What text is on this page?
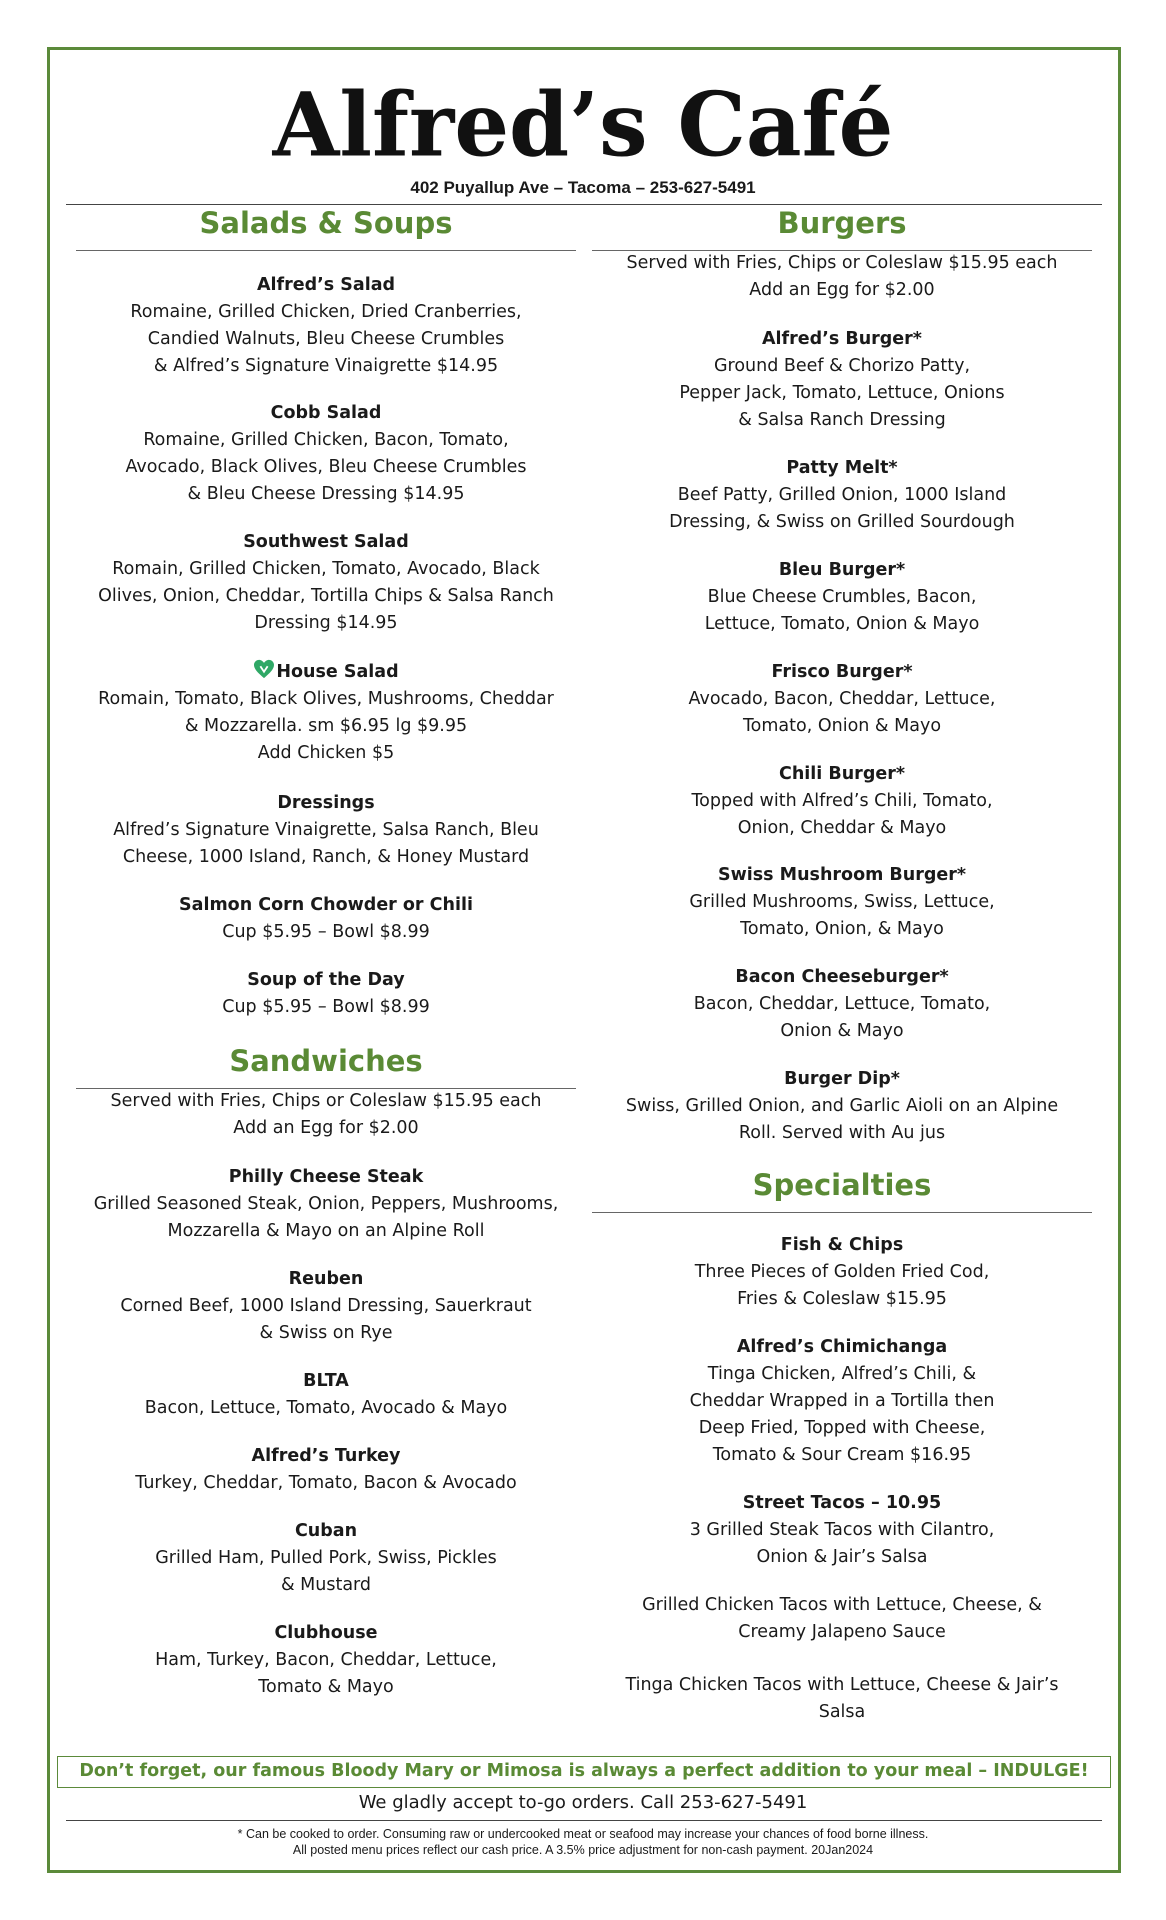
Alfred’s Café
402 Puyallup Ave – Tacoma – 253-627-5491
Salads & Soups
Alfred’s Salad
Romaine, Grilled Chicken, Dried Cranberries,
Candied Walnuts, Bleu Cheese Crumbles
& Alfred’s Signature Vinaigrette $14.95
Cobb Salad
Romaine, Grilled Chicken, Bacon, Tomato,
Avocado, Black Olives, Bleu Cheese Crumbles
& Bleu Cheese Dressing $14.95
Southwest Salad
Romain, Grilled Chicken, Tomato, Avocado, Black
Olives, Onion, Cheddar, Tortilla Chips & Salsa Ranch
Dressing $14.95
House Salad
Romain, Tomato, Black Olives, Mushrooms, Cheddar
& Mozzarella. sm $6.95 lg $9.95
Add Chicken $5
Dressings
Alfred’s Signature Vinaigrette, Salsa Ranch, Bleu
Cheese, 1000 Island, Ranch, & Honey Mustard
Salmon Corn Chowder or Chili
Cup $5.95 – Bowl $8.99
Soup of the Day
Cup $5.95 – Bowl $8.99
Sandwiches
Served with Fries, Chips or Coleslaw $15.95 each
Add an Egg for $2.00
Philly Cheese Steak
Grilled Seasoned Steak, Onion, Peppers, Mushrooms,
Mozzarella & Mayo on an Alpine Roll
Reuben
Corned Beef, 1000 Island Dressing, Sauerkraut
& Swiss on Rye
BLTA
Bacon, Lettuce, Tomato, Avocado & Mayo
Alfred’s Turkey
Turkey, Cheddar, Tomato, Bacon & Avocado
Cuban
Grilled Ham, Pulled Pork, Swiss, Pickles
& Mustard
Clubhouse
Ham, Turkey, Bacon, Cheddar, Lettuce,
Tomato & Mayo
Burgers
Served with Fries, Chips or Coleslaw $15.95 each
Add an Egg for $2.00
Alfred’s Burger*
Ground Beef & Chorizo Patty,
Pepper Jack, Tomato, Lettuce, Onions
& Salsa Ranch Dressing
Patty Melt*
Beef Patty, Grilled Onion, 1000 Island
Dressing, & Swiss on Grilled Sourdough
Bleu Burger*
Blue Cheese Crumbles, Bacon,
Lettuce, Tomato, Onion & Mayo
Frisco Burger*
Avocado, Bacon, Cheddar, Lettuce,
Tomato, Onion & Mayo
Chili Burger*
Topped with Alfred’s Chili, Tomato,
Onion, Cheddar & Mayo
Swiss Mushroom Burger*
Grilled Mushrooms, Swiss, Lettuce,
Tomato, Onion, & Mayo
Bacon Cheeseburger*
Bacon, Cheddar, Lettuce, Tomato,
Onion & Mayo
Burger Dip*
Swiss, Grilled Onion, and Garlic Aioli on an Alpine
Roll. Served with Au jus
Specialties
Fish & Chips
Three Pieces of Golden Fried Cod,
Fries & Coleslaw $15.95
Alfred’s Chimichanga
Tinga Chicken, Alfred’s Chili, &
Cheddar Wrapped in a Tortilla then
Deep Fried, Topped with Cheese,
Tomato & Sour Cream $16.95
Street Tacos – 10.95
3 Grilled Steak Tacos with Cilantro,
Onion & Jair’s Salsa
Grilled Chicken Tacos with Lettuce, Cheese, &
Creamy Jalapeno Sauce
Tinga Chicken Tacos with Lettuce, Cheese & Jair’s
Salsa
Don’t forget, our famous Bloody Mary or Mimosa is always a perfect addition to your meal – INDULGE!
We gladly accept to-go orders. Call 253-627-5491
* Can be cooked to order. Consuming raw or undercooked meat or seafood may increase your chances of food borne illness.
All posted menu prices reflect our cash price. A 3.5% price adjustment for non-cash payment. 20Jan2024
